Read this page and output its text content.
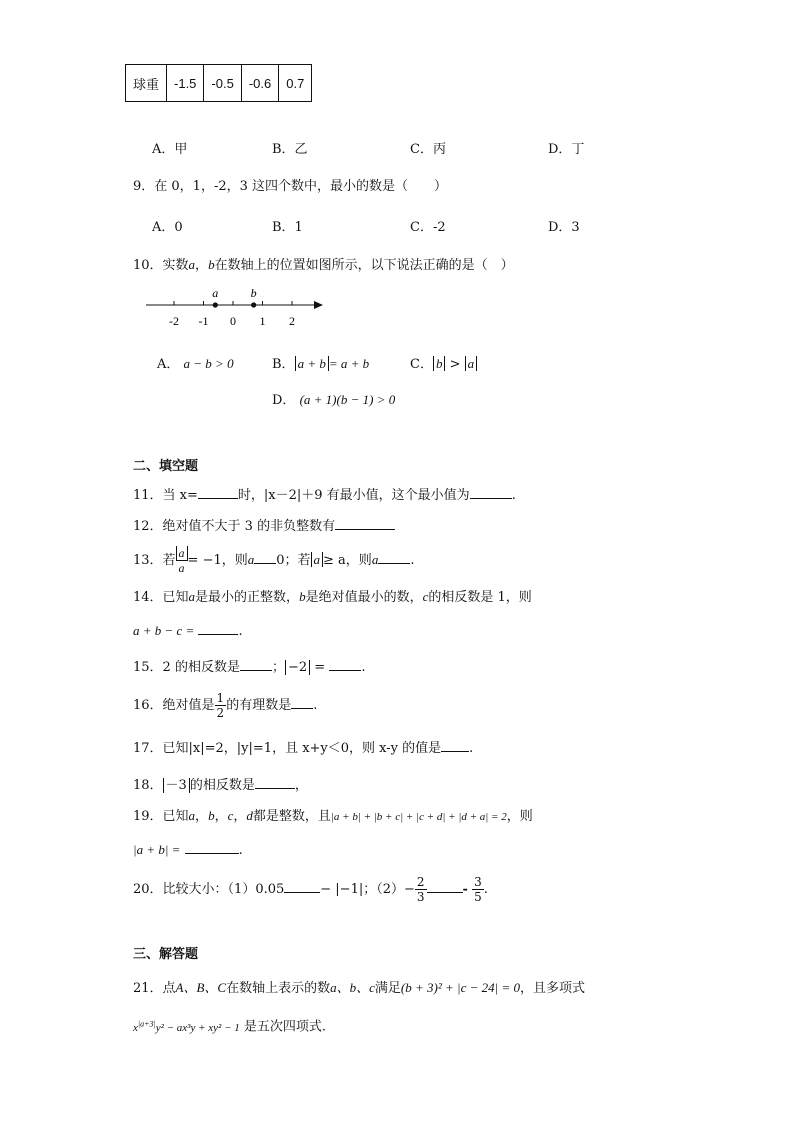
球重	-1.5	-0.5	-0.6	0.7
A．甲	B．乙	C．丙	D．丁
9．在 0，1，-2，3 这四个数中，最小的数是（　　）
A．0	B．1	C．-2	D．3
10．实数a，b在数轴上的位置如图所示，以下说法正确的是（　）
-2 -1 0 1 2
a	b
A． a − b > 0	B． a + b = a + b	C． b > a
D． (a + 1)(b − 1) > 0
二、填空题
11．当 x=	时，|x－2|＋9 有最小值，这个最小值为	.
12．绝对值不大于 3 的非负整数有
13．若 $\frac{a}{a} = -1$，则a 0；若 a ≥ a，则a .
14．已知a是最小的正整数，b是绝对值最小的数，c的相反数是 1，则
a + b − c =	.
15．2 的相反数是 ； −2 =	.
16．绝对值是 $\frac{1}{2}$ 的有理数是 .
17．已知|x|=2，|y|=1，且 x+y＜0，则 x-y 的值是 .
18． －3 的相反数是	，
19．已知a，b，c，d都是整数，且|a + b| + |b + c| + |c + d| + |d + a| = 2，则
|a + b| =	.
20．比较大小：（1）0.05	− |−1|；$(2)- \frac{2}{3}$	- $\frac{3}{5}$ .
三、解答题
21．点A、B、C在数轴上表示的数a、b、c满足(b + 3)² + |c − 24| = 0，且多项式
$x^{|a+3|}y^2 - ax^3y + xy^2 - 1$ 是五次四项式.
